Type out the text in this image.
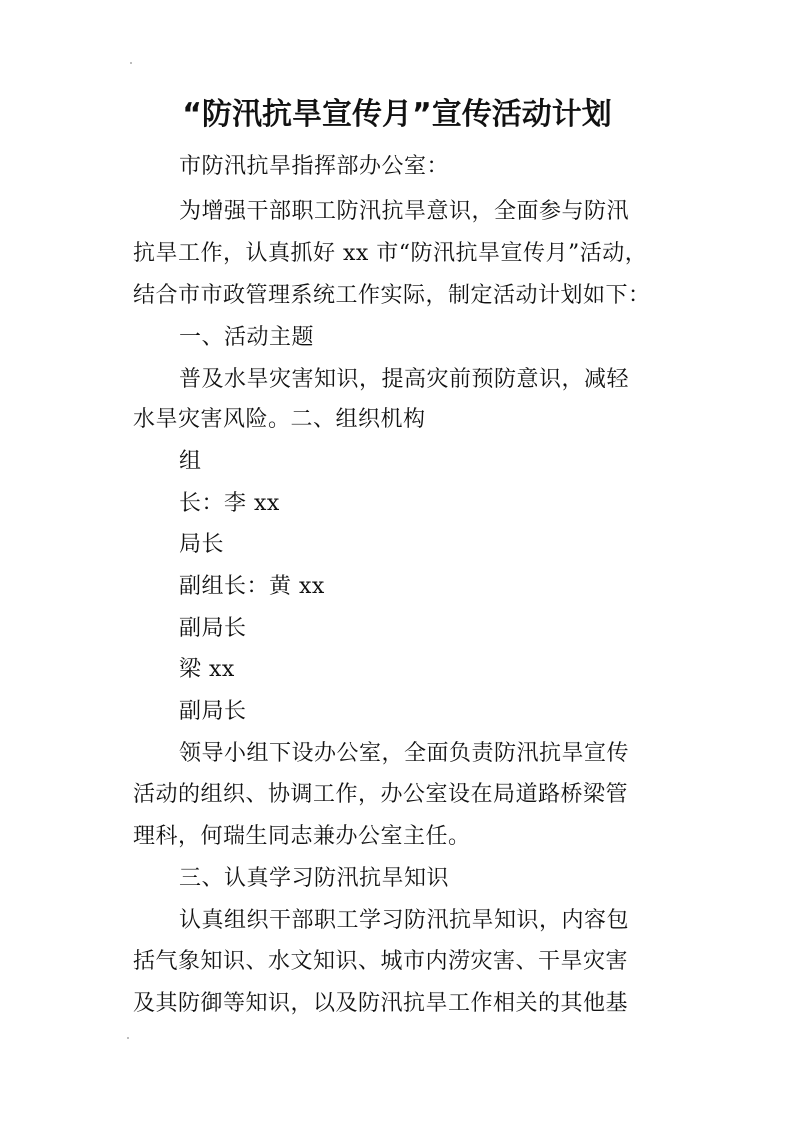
“防汛抗旱宣传月”宣传活动计划
市防汛抗旱指挥部办公室：
为增强干部职工防汛抗旱意识，全面参与防汛
抗旱工作，认真抓好 xx 市“防汛抗旱宣传月”活动，
结合市市政管理系统工作实际，制定活动计划如下：
一、活动主题
普及水旱灾害知识，提高灾前预防意识，减轻
水旱灾害风险。二、组织机构
组
长：李 xx
局长
副组长：黄 xx
副局长
梁 xx
副局长
领导小组下设办公室，全面负责防汛抗旱宣传
活动的组织、协调工作，办公室设在局道路桥梁管
理科，何瑞生同志兼办公室主任。
三、认真学习防汛抗旱知识
认真组织干部职工学习防汛抗旱知识，内容包
括气象知识、水文知识、城市内涝灾害、干旱灾害
及其防御等知识，以及防汛抗旱工作相关的其他基
